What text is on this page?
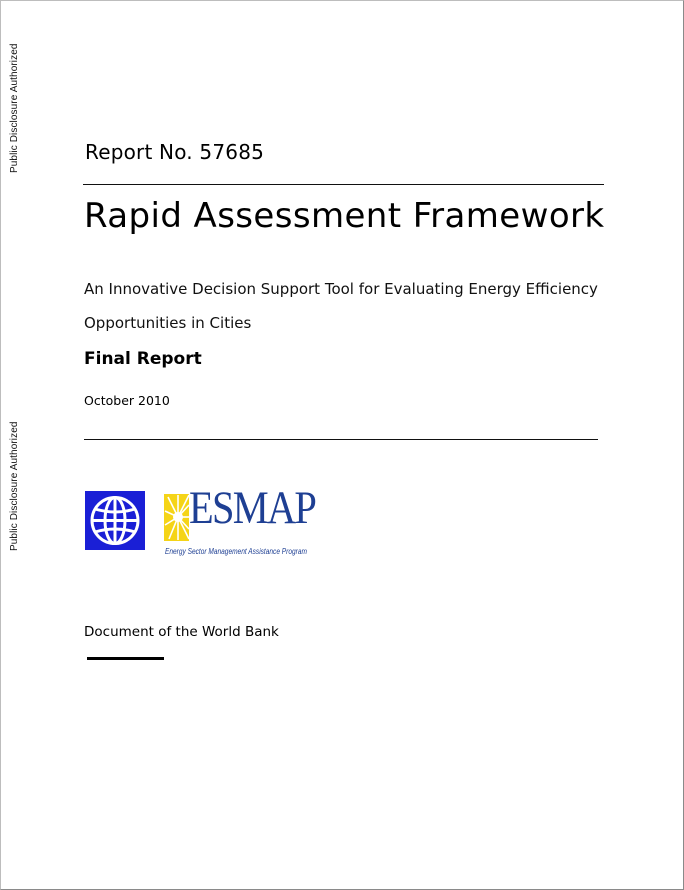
Public Disclosure Authorized
Public Disclosure Authorized
Report No. 57685
Rapid Assessment Framework
An Innovative Decision Support Tool for Evaluating Energy Efficiency
Opportunities in Cities
Final Report
October 2010
ESMAP
Energy Sector Management Assistance Program
Document of the World Bank
